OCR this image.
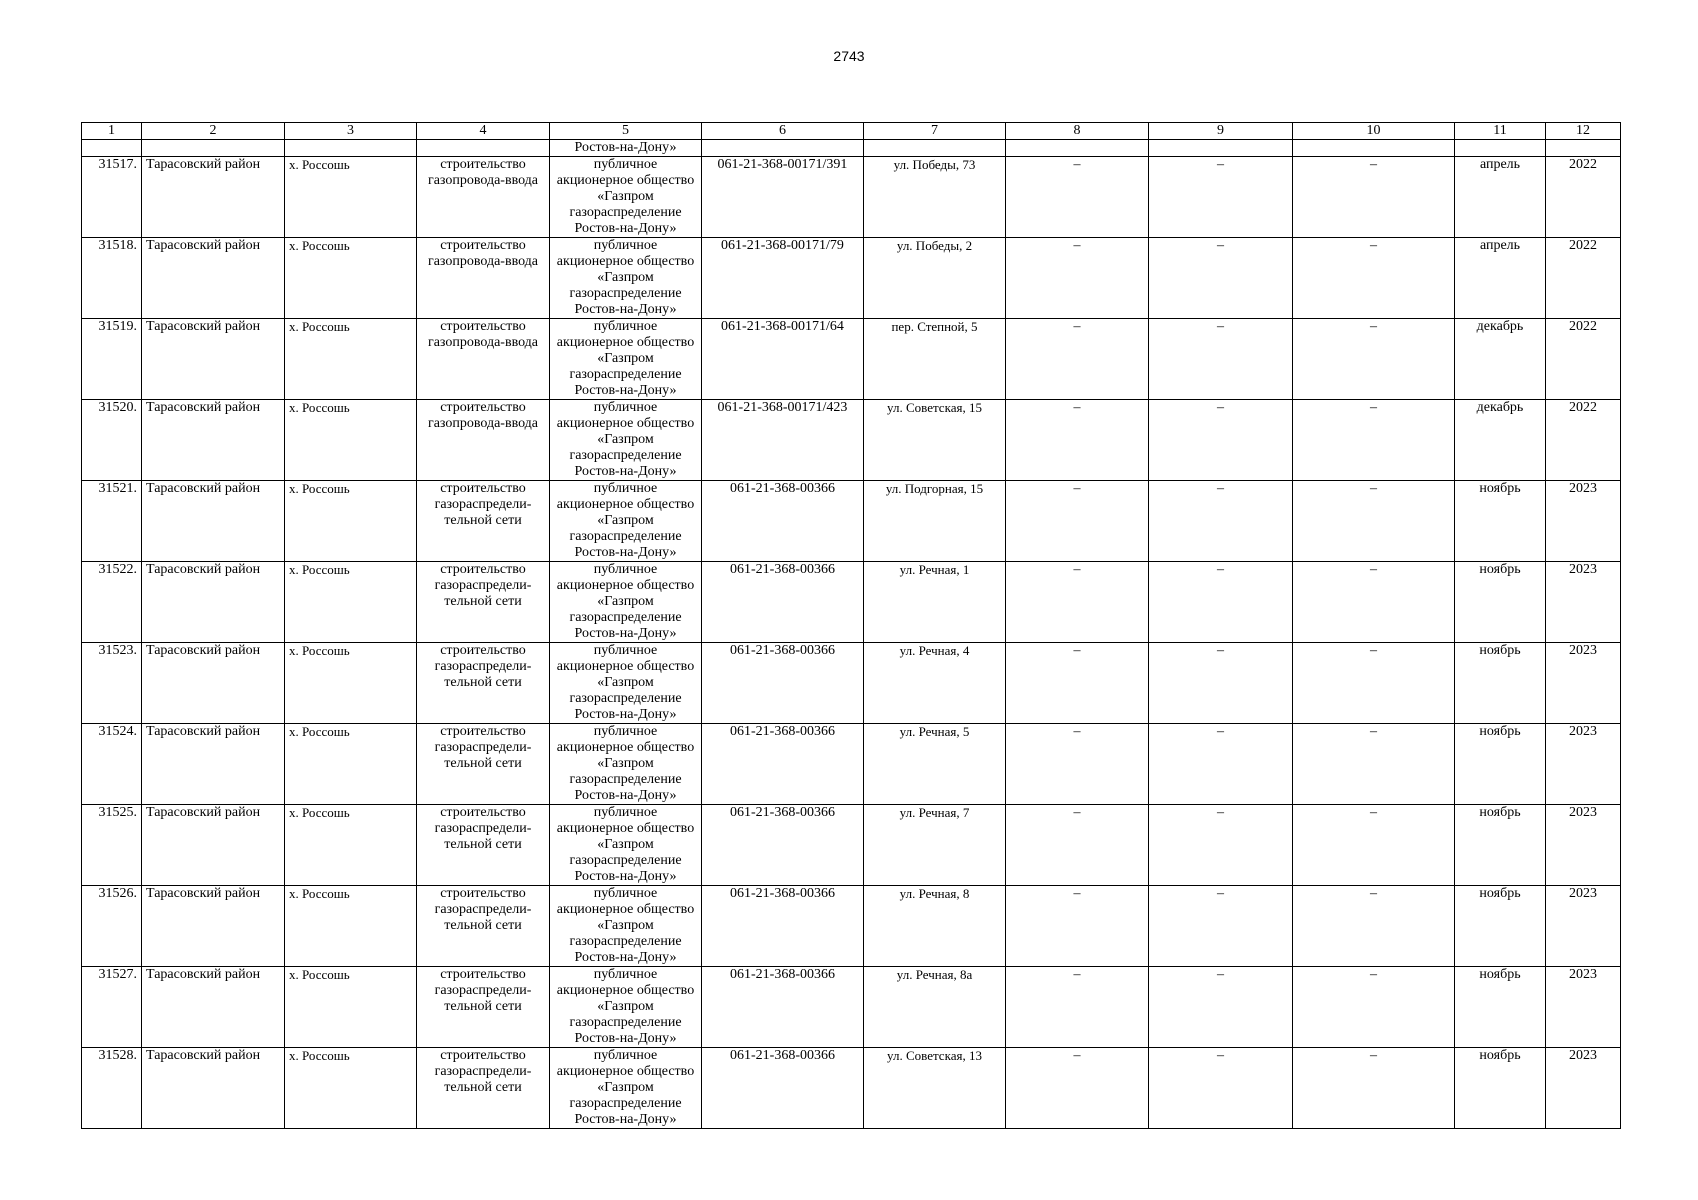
2743
1	2	3	4	5	6	7	8	9	10	11	12
				Ростов-на-Дону»							
31517.	Тарасовский район	х. Россошь	строительство газопровода-ввода	публичное акционерное общество «Газпром газораспределение Ростов-на-Дону»	061-21-368-00171/391	ул. Победы, 73	–	–	–	апрель	2022
31518.	Тарасовский район	х. Россошь	строительство газопровода-ввода	публичное акционерное общество «Газпром газораспределение Ростов-на-Дону»	061-21-368-00171/79	ул. Победы, 2	–	–	–	апрель	2022
31519.	Тарасовский район	х. Россошь	строительство газопровода-ввода	публичное акционерное общество «Газпром газораспределение Ростов-на-Дону»	061-21-368-00171/64	пер. Степной, 5	–	–	–	декабрь	2022
31520.	Тарасовский район	х. Россошь	строительство газопровода-ввода	публичное акционерное общество «Газпром газораспределение Ростов-на-Дону»	061-21-368-00171/423	ул. Советская, 15	–	–	–	декабрь	2022
31521.	Тарасовский район	х. Россошь	строительство газораспредели-тельной сети	публичное акционерное общество «Газпром газораспределение Ростов-на-Дону»	061-21-368-00366	ул. Подгорная, 15	–	–	–	ноябрь	2023
31522.	Тарасовский район	х. Россошь	строительство газораспредели-тельной сети	публичное акционерное общество «Газпром газораспределение Ростов-на-Дону»	061-21-368-00366	ул. Речная, 1	–	–	–	ноябрь	2023
31523.	Тарасовский район	х. Россошь	строительство газораспредели-тельной сети	публичное акционерное общество «Газпром газораспределение Ростов-на-Дону»	061-21-368-00366	ул. Речная, 4	–	–	–	ноябрь	2023
31524.	Тарасовский район	х. Россошь	строительство газораспредели-тельной сети	публичное акционерное общество «Газпром газораспределение Ростов-на-Дону»	061-21-368-00366	ул. Речная, 5	–	–	–	ноябрь	2023
31525.	Тарасовский район	х. Россошь	строительство газораспредели-тельной сети	публичное акционерное общество «Газпром газораспределение Ростов-на-Дону»	061-21-368-00366	ул. Речная, 7	–	–	–	ноябрь	2023
31526.	Тарасовский район	х. Россошь	строительство газораспредели-тельной сети	публичное акционерное общество «Газпром газораспределение Ростов-на-Дону»	061-21-368-00366	ул. Речная, 8	–	–	–	ноябрь	2023
31527.	Тарасовский район	х. Россошь	строительство газораспредели-тельной сети	публичное акционерное общество «Газпром газораспределение Ростов-на-Дону»	061-21-368-00366	ул. Речная, 8а	–	–	–	ноябрь	2023
31528.	Тарасовский район	х. Россошь	строительство газораспредели-тельной сети	публичное акционерное общество «Газпром газораспределение Ростов-на-Дону»	061-21-368-00366	ул. Советская, 13	–	–	–	ноябрь	2023
